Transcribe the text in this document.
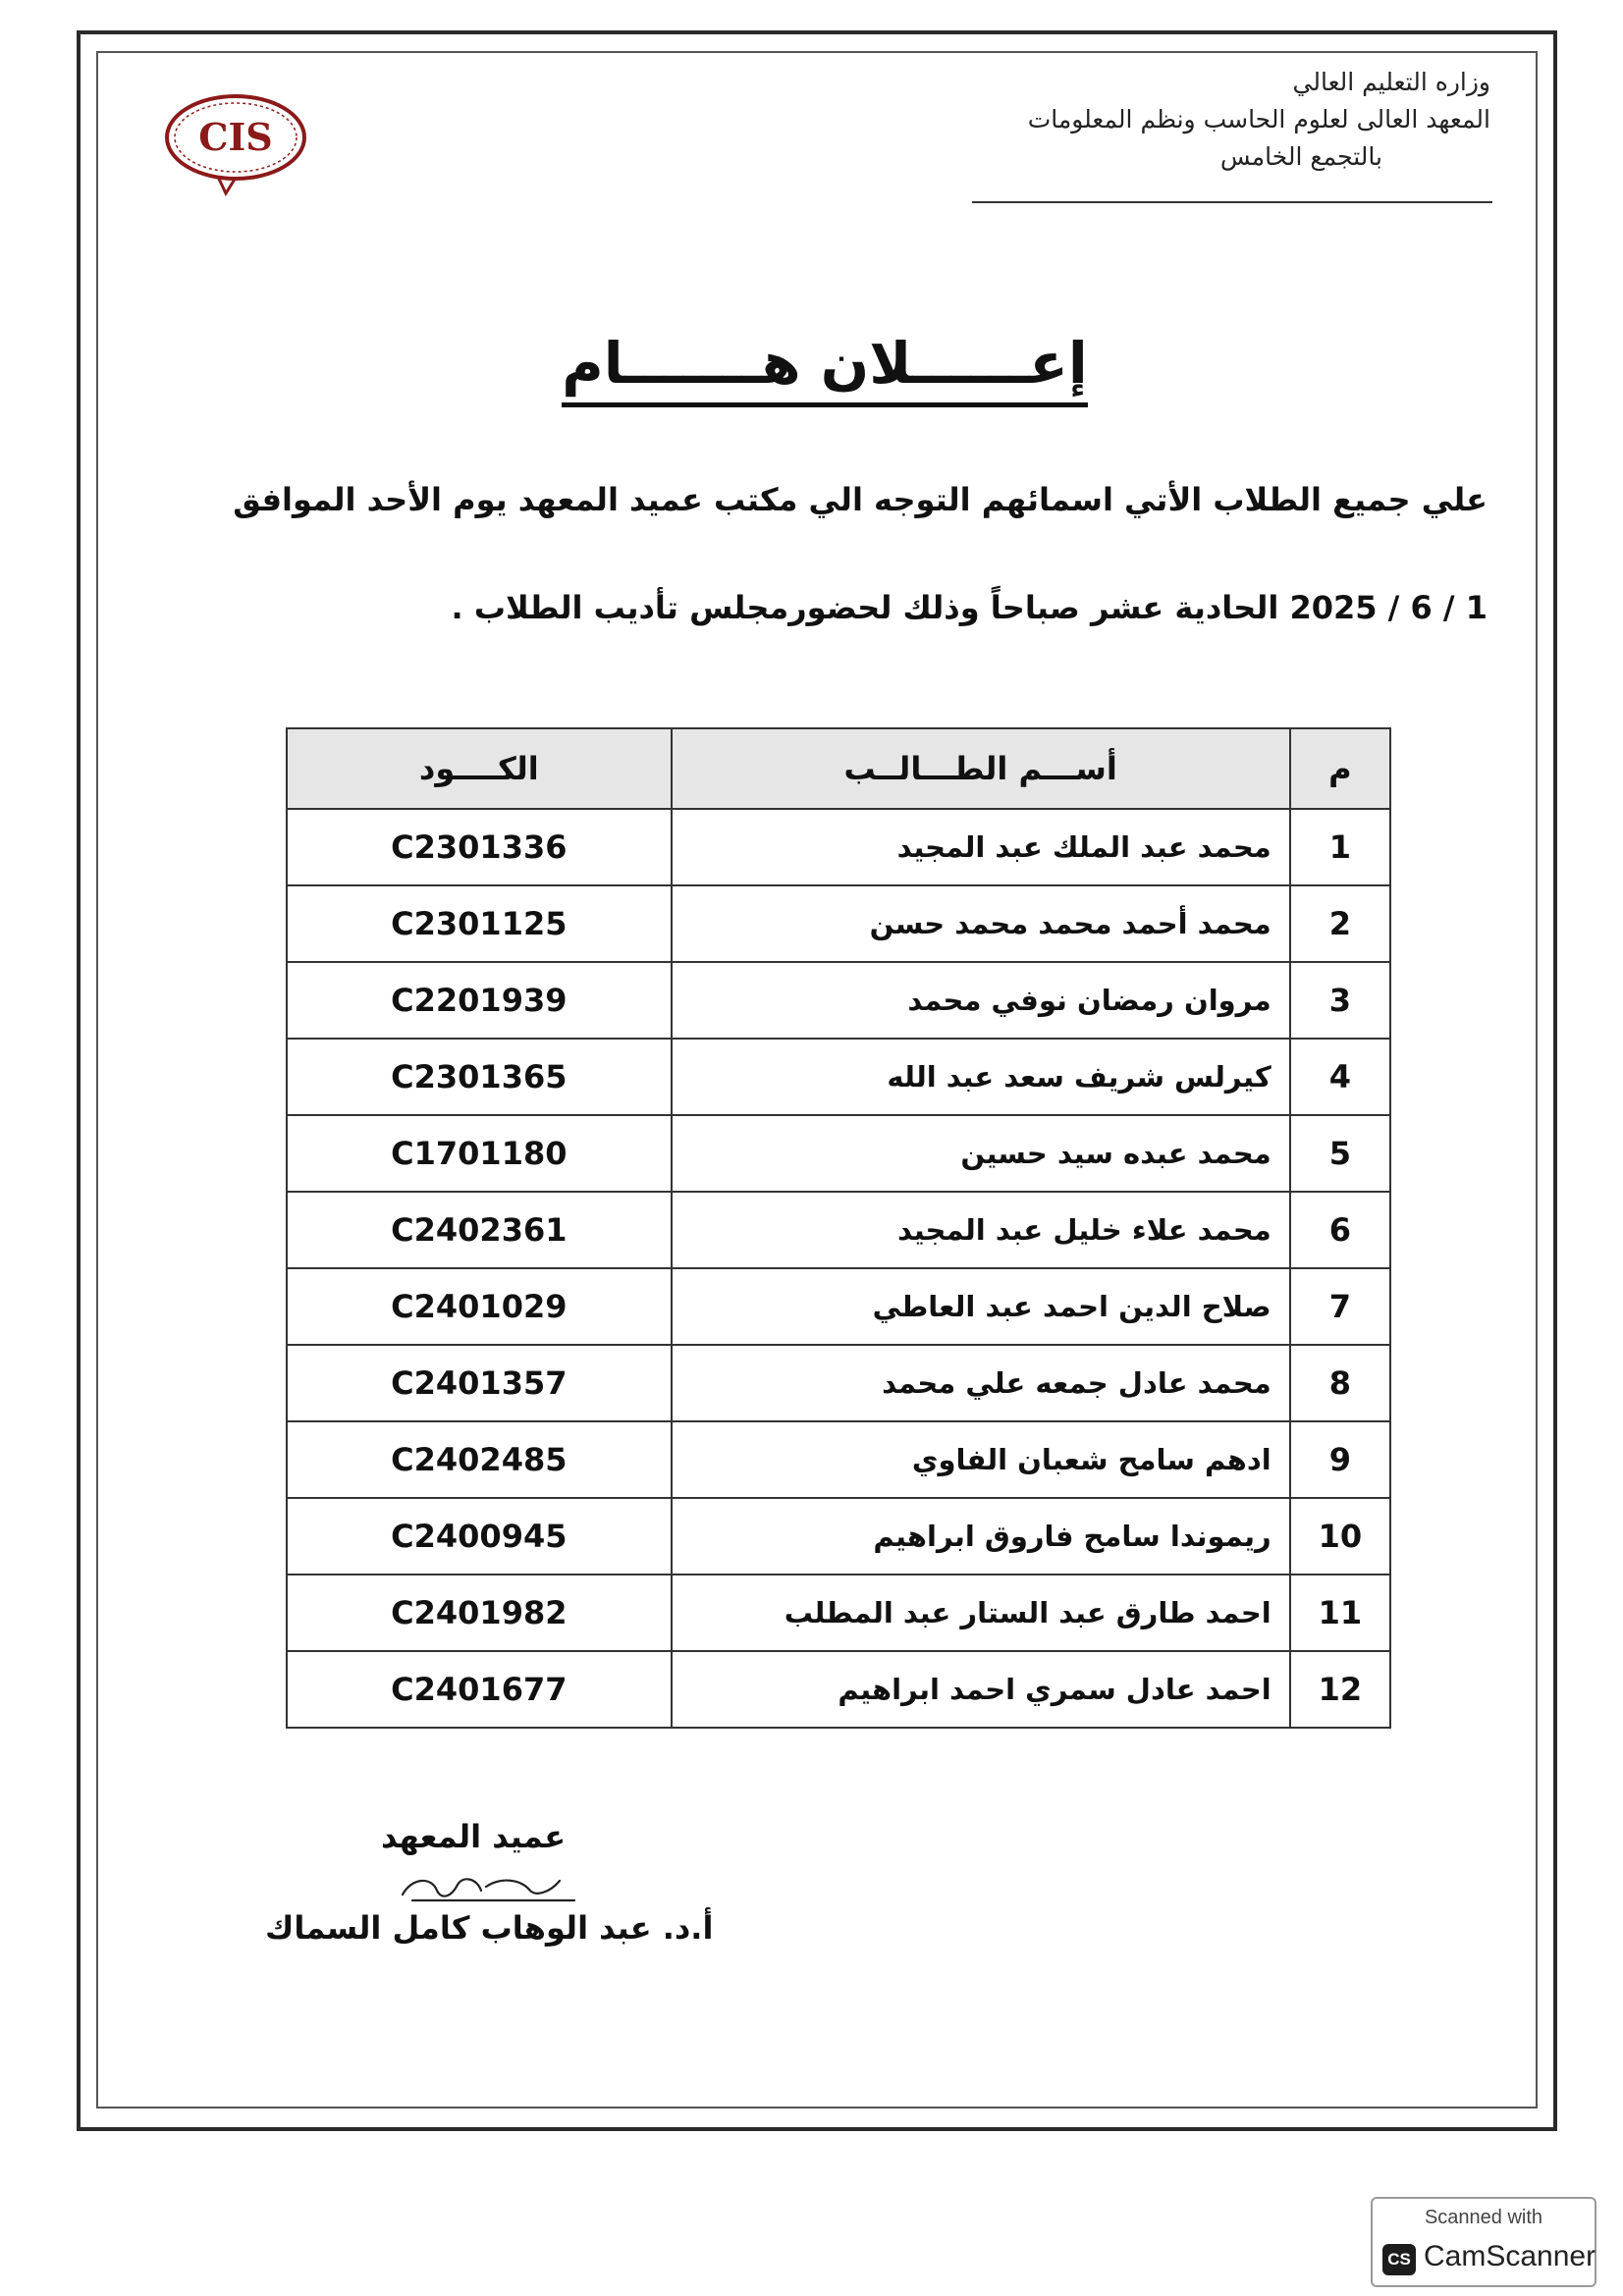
CIS
وزاره التعليم العالي
المعهد العالى لعلوم الحاسب ونظم المعلومات
بالتجمع الخامس
إعــــــلان هـــــــام
علي جميع الطلاب الأتي اسمائهم التوجه الي مكتب عميد المعهد يوم الأحد الموافق
1 / 6 / 2025 الحادية عشر صباحاً وذلك لحضورمجلس تأديب الطلاب .
م	أســـم الطـــالــب	الكــــود
1	محمد عبد الملك عبد المجيد	C2301336
2	محمد أحمد محمد محمد حسن	C2301125
3	مروان رمضان نوفي محمد	C2201939
4	كيرلس شريف سعد عبد الله	C2301365
5	محمد عبده سيد حسين	C1701180
6	محمد علاء خليل عبد المجيد	C2402361
7	صلاح الدين احمد عبد العاطي	C2401029
8	محمد عادل جمعه علي محمد	C2401357
9	ادهم سامح شعبان الفاوي	C2402485
10	ريموندا سامح فاروق ابراهيم	C2400945
11	احمد طارق عبد الستار عبد المطلب	C2401982
12	احمد عادل سمري احمد ابراهيم	C2401677
عميد المعهد
أ.د. عبد الوهاب كامل السماك
Scanned with
CS CamScanner
